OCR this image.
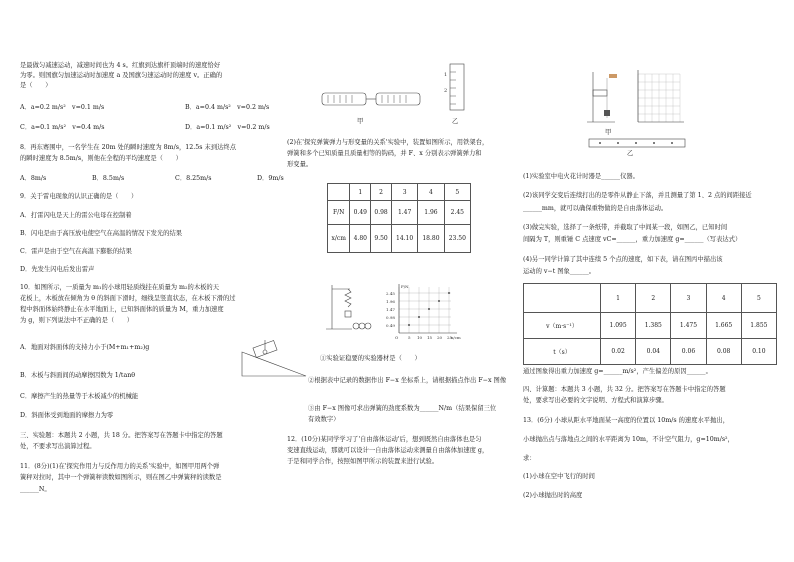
是最做匀减速运动，减速时间也为 4 s。红旗到达旗杆顶端时的速度恰好
为零。则国旗匀加速运动时加速度 a 及国旗匀速运动时的速度 v。正确的
是（　　）
A．a=0.2 m/s²　v=0.1 m/s	B．a=0.4 m/s²　v=0.2 m/s
C．a=0.1 m/s²　v=0.4 m/s	D．a=0.1 m/s²　v=0.2 m/s
8．再东赛围中，一名学生在 20m 处的瞬时速度为 8m/s，12.5s 末到达终点
的瞬时速度为 8.5m/s，则他在全程的平均速度是（　　）
A．8m/s	B．8.5m/s	C．8.25m/s	D．9m/s
9．关于雷电现象的认识正确的是（　　）
A．打雷闪电是天上的雷公电母在控制着
B．闪电是由于高压放电使空气在高温的情况下发光的结果
C．雷声是由于空气在高温下膨胀的结果
D．先发生闪电后发出雷声
10．如图所示，一质量为 m₁的小球用轻质线挂在质量为 m₂的木板的天
花板上，木板放在倾角为 θ 的斜面下滑时，细线呈竖直状态，在木板下滑的过
程中斜面体始终静止在水平地面上，已知斜面体的质量为 M，重力加速度
为 g，则下列说法中不正确的是（　　）
A．地面对斜面体的支持力小于(M+m₁+m₂)g
B．木板与斜面间的动摩擦因数为 1/tanθ
C．摩擦产生的热量等于木板减少的机械能
D．斜面体受到地面的摩擦力为零
三、实验题：本题共 2 小题，共 18 分。把答案写在答题卡中指定的答题
处，不要求写出演算过程。
11．(8分)(1)在'探究作用力与反作用力的关系'实验中，如图甲用两个弹
簧秤对拉时，其中一个弹簧秤读数如图所示，则在图乙中弹簧秤的读数是
______N。
1
2
甲	乙
(2)在'探究弹簧弹力与形变量的关系'实验中，装置如图所示，用铁架台，
弹簧和多个已知质量且质量相等的钩码，并 F、x 分别表示弹簧弹力和
形变量。
	1	2	3	4	5
F/N	0.49	0.98	1.47	1.96	2.45
x/cm	4.80	9.50	14.10	18.80	23.50
2.45
1.96
1.47
0.98
0.49
F/N
x/cm
O 5 10 15 20 25
①实验证稳要的实验器材是（　　）
②根据表中记录的数据作出 F−x 坐标系上，请根据描点作出 F−x 图像
③由 F−x 图像可求出弹簧的劲度系数为______N/m（结果保留三位
有效数字）
12．(10分)某同学学习了'自由落体运动'后，想到既然自由落体也是匀
变速直线运动，那就可以设计一自由落体运动来测量自由落体加速度 g，
于是和同学合作，按照如图甲所示的装置来进行试验。
甲
乙
(1)实验室中电火花计时器是______仪器。
(2)该同学交变后连续打出的是零件从静止下落，并且测量了第 1、2 点的间距接近
______mm，就可以确保重物做的是自由落体运动。
(3)做完实验，选择了一条纸带，并截取了中间某一段，如图乙，已知时间
间隔为 T，则重锤 C 点速度 vC=______，重力加速度 g=______（写表达式）
(4)另一同学计算了其中连续 5 个点的速度，如下表，请在图丙中描出该
运动的 v−t 图象______。
	1	2	3	4	5
v（m·s⁻¹）	1.095	1.385	1.475	1.665	1.855
t（s）	0.02	0.04	0.06	0.08	0.10
通过图象得出重力加速度 g=______m/s²，产生偏差的原因______。
四、计算题：本题共 3 小题，共 32 分。把答案写在答题卡中指定的答题
处，要求写出必要的文字说明、方程式和演算步骤。
13．(6分) 小球从距水平地面某一高度的位置以 10m/s 的速度水平抛出，
小球抛出点与落地点之间的水平距离为 10m，不计空气阻力，g=10m/s²，
求：
(1)小球在空中飞行的时间
(2)小球抛出时的高度
